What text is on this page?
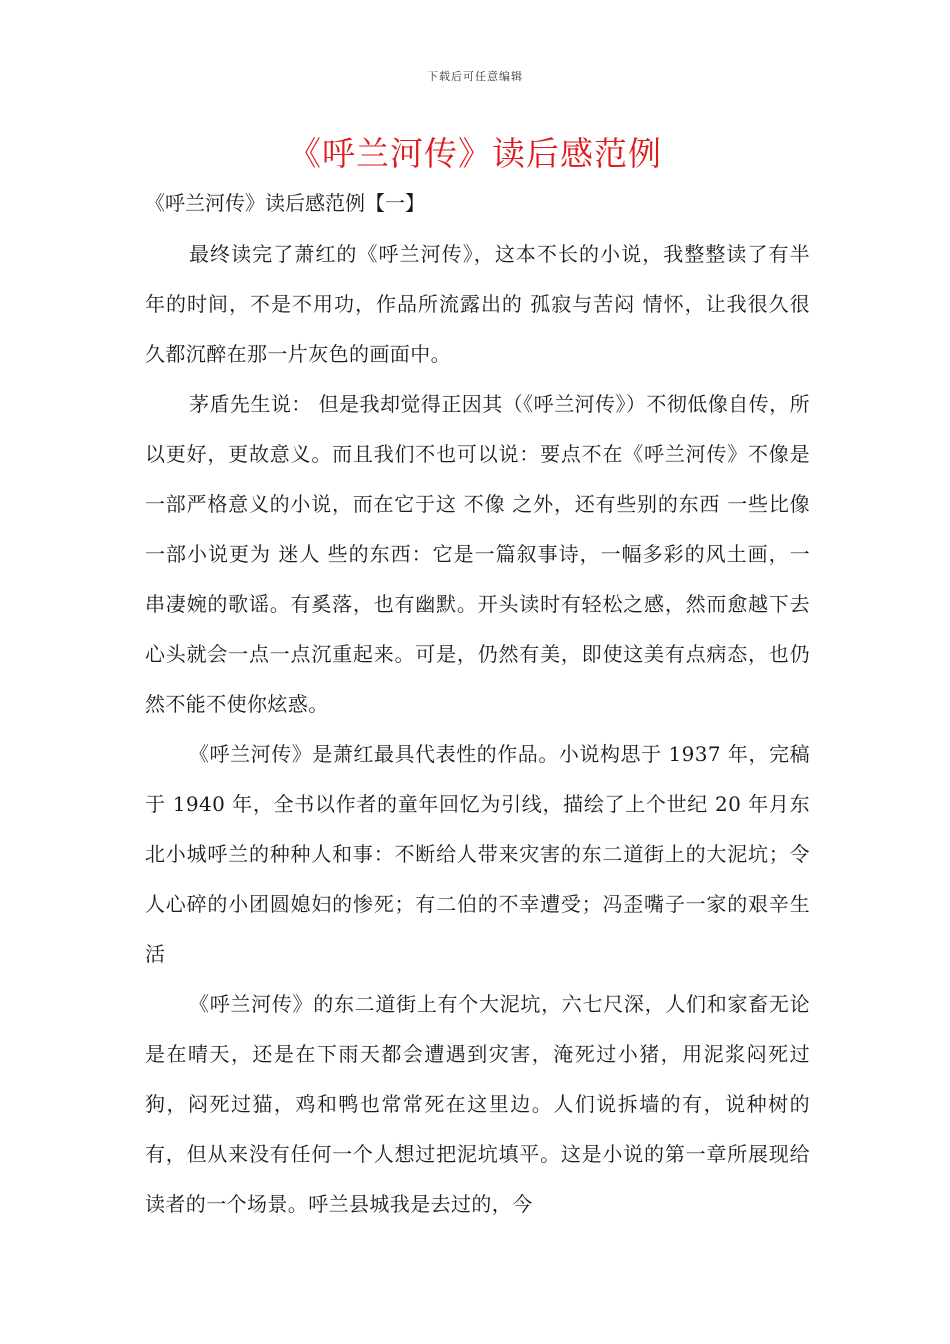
下载后可任意编辑
《呼兰河传》读后感范例
《呼兰河传》读后感范例【一】

最终读完了萧红的《呼兰河传》，这本不长的小说，我整整读了有半年的时间，不是不用功，作品所流露出的 孤寂与苦闷 情怀，让我很久很久都沉醉在那一片灰色的画面中。

茅盾先生说： 但是我却觉得正因其（《呼兰河传》）不彻低像自传，所以更好，更故意义。而且我们不也可以说：要点不在《呼兰河传》不像是一部严格意义的小说，而在它于这 不像 之外，还有些别的东西 一些比像一部小说更为 迷人 些的东西：它是一篇叙事诗，一幅多彩的风土画，一串凄婉的歌谣。有奚落，也有幽默。开头读时有轻松之感，然而愈越下去心头就会一点一点沉重起来。可是，仍然有美，即使这美有点病态，也仍然不能不使你炫惑。

《呼兰河传》是萧红最具代表性的作品。小说构思于 1937 年，完稿于 1940 年，全书以作者的童年回忆为引线，描绘了上个世纪 20 年月东北小城呼兰的种种人和事：不断给人带来灾害的东二道街上的大泥坑；令人心碎的小团圆媳妇的惨死；有二伯的不幸遭受；冯歪嘴子一家的艰辛生活

《呼兰河传》的东二道街上有个大泥坑，六七尺深，人们和家畜无论是在晴天，还是在下雨天都会遭遇到灾害，淹死过小猪，用泥浆闷死过狗，闷死过猫，鸡和鸭也常常死在这里边。人们说拆墙的有，说种树的有，但从来没有任何一个人想过把泥坑填平。这是小说的第一章所展现给读者的一个场景。呼兰县城我是去过的，今
